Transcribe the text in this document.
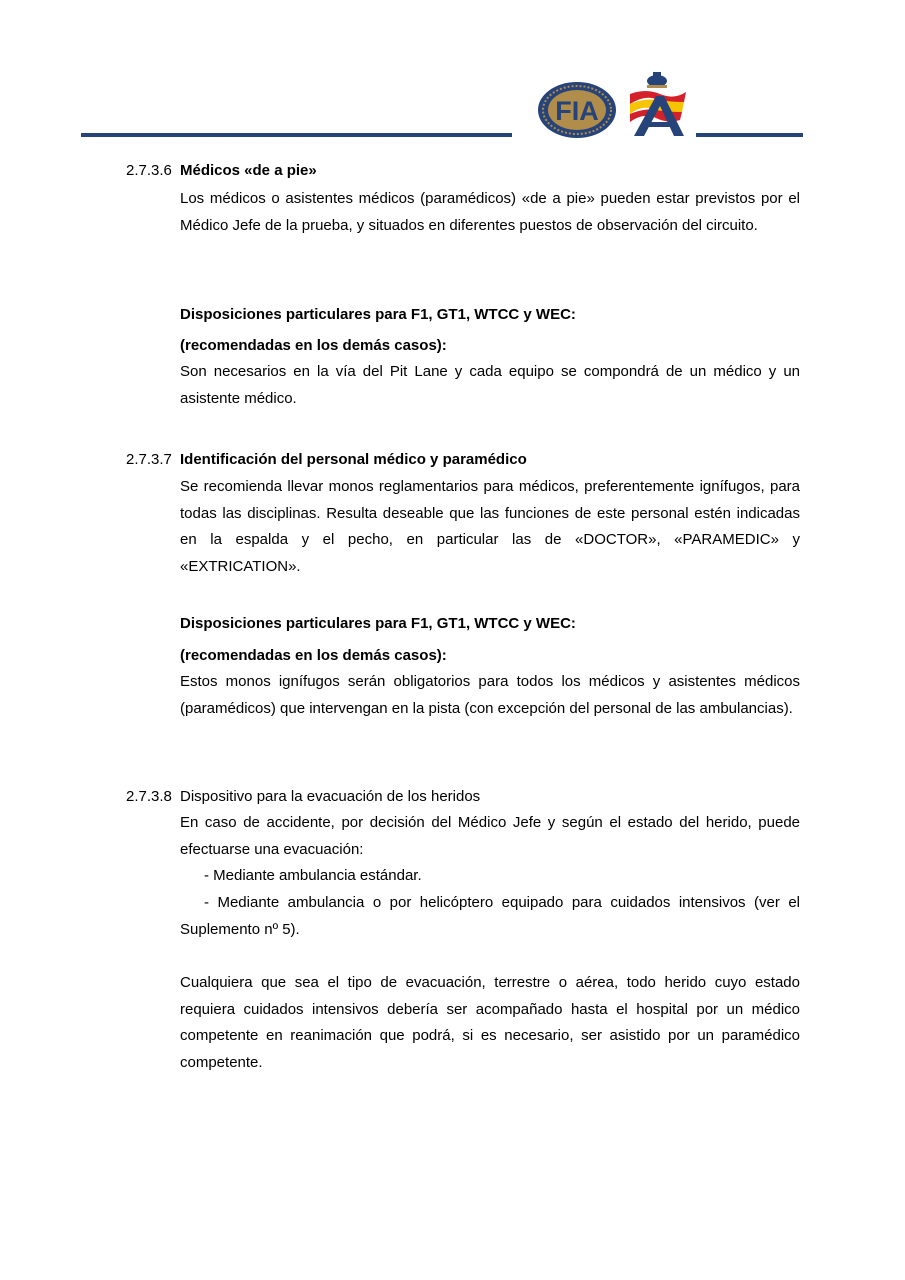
FIA
2.7.3.6 Médicos «de a pie»

Los médicos o asistentes médicos (paramédicos) «de a pie» pueden estar previstos por el Médico Jefe de la prueba, y situados en diferentes puestos de observación del circuito.

Disposiciones particulares para F1, GT1, WTCC y WEC:
(recomendadas en los demás casos):

Son necesarios en la vía del Pit Lane y cada equipo se compondrá de un médico y un asistente médico.

2.7.3.7 Identificación del personal médico y paramédico

Se recomienda llevar monos reglamentarios para médicos, preferentemente ignífugos, para todas las disciplinas. Resulta deseable que las funciones de este personal estén indicadas en la espalda y el pecho, en particular las de «DOCTOR», «PARAMEDIC» y «EXTRICATION».

Disposiciones particulares para F1, GT1, WTCC y WEC:
(recomendadas en los demás casos):

Estos monos ignífugos serán obligatorios para todos los médicos y asistentes médicos (paramédicos) que intervengan en la pista (con excepción del personal de las ambulancias).

2.7.3.8 Dispositivo para la evacuación de los heridos

En caso de accidente, por decisión del Médico Jefe y según el estado del herido, puede efectuarse una evacuación:

- Mediante ambulancia estándar.

- Mediante ambulancia o por helicóptero equipado para cuidados intensivos (ver el Suplemento nº 5).

Cualquiera que sea el tipo de evacuación, terrestre o aérea, todo herido cuyo estado requiera cuidados intensivos debería ser acompañado hasta el hospital por un médico competente en reanimación que podrá, si es necesario, ser asistido por un paramédico competente.
